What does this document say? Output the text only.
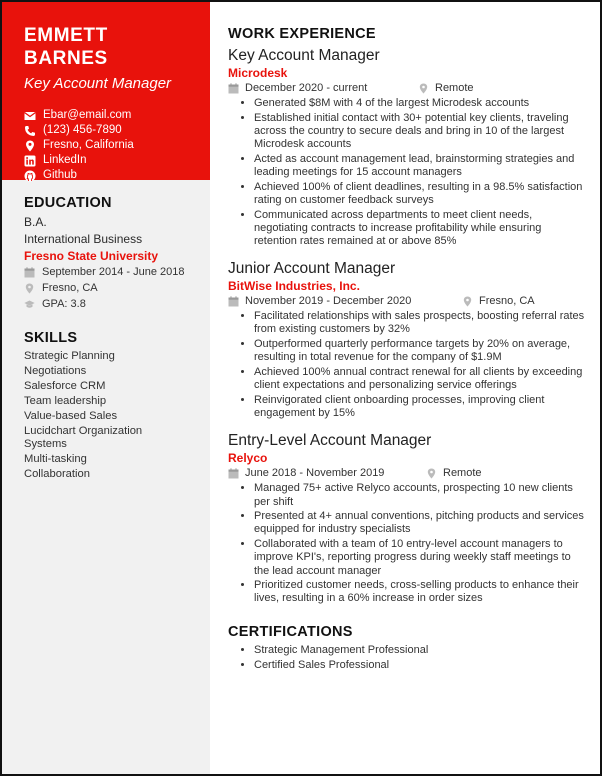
EMMETT
BARNES
Key Account Manager
Ebar@email.com
(123) 456-7890
Fresno, California
LinkedIn
Github
EDUCATION
B.A.
International Business
Fresno State University
September 2014 - June 2018
Fresno, CA
GPA: 3.8
SKILLS
Strategic Planning
Negotiations
Salesforce CRM
Team leadership
Value-based Sales
Lucidchart Organization
Systems
Multi-tasking
Collaboration
WORK EXPERIENCE
Key Account Manager
Microdesk
December 2020 - current	Remote
• Generated $8M with 4 of the largest Microdesk accounts
• Established initial contact with 30+ potential key clients, traveling across the country to secure deals and bring in 10 of the largest Microdesk accounts
• Acted as account management lead, brainstorming strategies and leading meetings for 15 account managers
• Achieved 100% of client deadlines, resulting in a 98.5% satisfaction rating on customer feedback surveys
• Communicated across departments to meet client needs, negotiating contracts to increase profitability while ensuring retention rates remained at or above 85%
Junior Account Manager
BitWise Industries, Inc.
November 2019 - December 2020	Fresno, CA
• Facilitated relationships with sales prospects, boosting referral rates from existing customers by 32%
• Outperformed quarterly performance targets by 20% on average, resulting in total revenue for the company of $1.9M
• Achieved 100% annual contract renewal for all clients by exceeding client expectations and personalizing service offerings
• Reinvigorated client onboarding processes, improving client engagement by 15%
Entry-Level Account Manager
Relyco
June 2018 - November 2019	Remote
• Managed 75+ active Relyco accounts, prospecting 10 new clients per shift
• Presented at 4+ annual conventions, pitching products and services equipped for industry specialists
• Collaborated with a team of 10 entry-level account managers to improve KPI's, reporting progress during weekly staff meetings to the lead account manager
• Prioritized customer needs, cross-selling products to enhance their lives, resulting in a 60% increase in order sizes
CERTIFICATIONS
• Strategic Management Professional
• Certified Sales Professional
